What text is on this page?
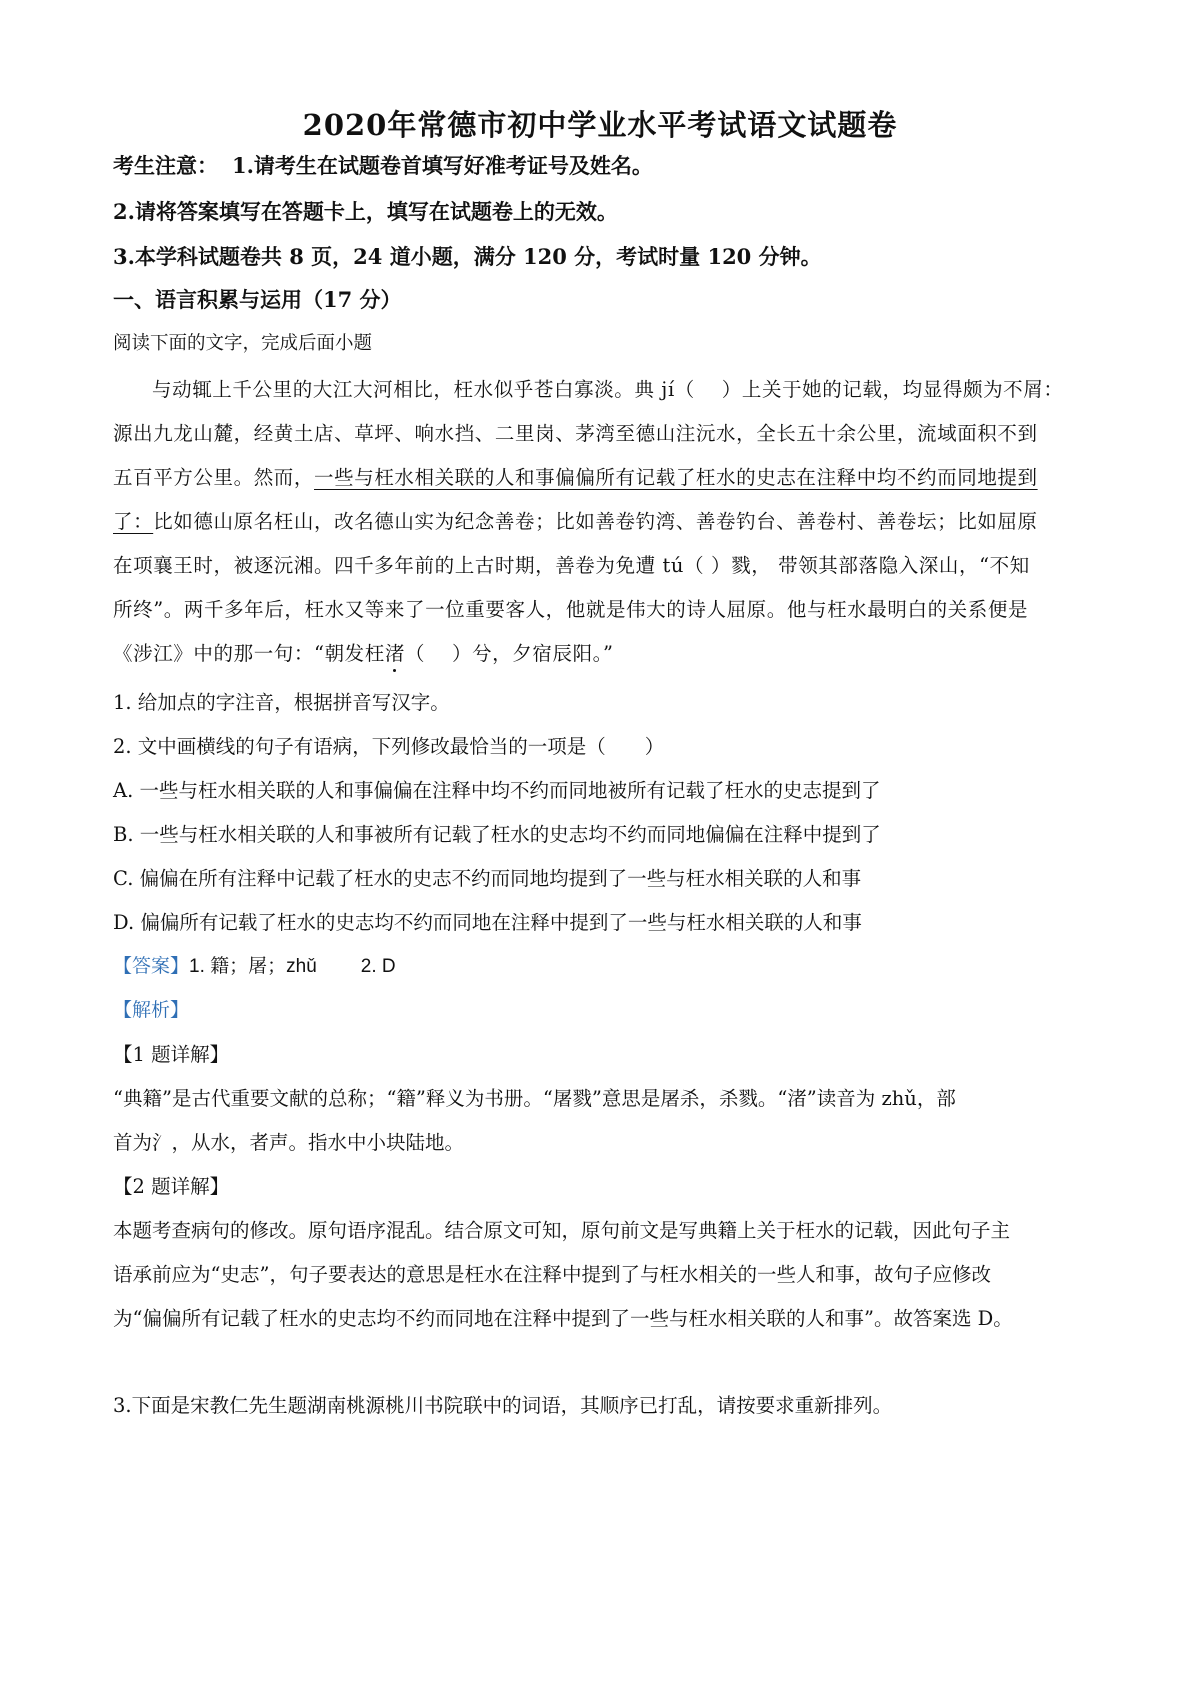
2020年常德市初中学业水平考试语文试题卷
考生注意： 1.请考生在试题卷首填写好准考证号及姓名。
2.请将答案填写在答题卡上，填写在试题卷上的无效。
3.本学科试题卷共 8 页，24 道小题，满分 120 分，考试时量 120 分钟。
一、语言积累与运用（17 分）
阅读下面的文字，完成后面小题
与动辄上千公里的大江大河相比，枉水似乎苍白寡淡。典 jí（　 ）上关于她的记载，均显得颇为不屑：
源出九龙山麓，经黄土店、草坪、响水挡、二里岗、茅湾至德山注沅水，全长五十余公里，流域面积不到
五百平方公里。然而，一些与枉水相关联的人和事偏偏所有记载了枉水的史志在注释中均不约而同地提到
了：比如德山原名枉山，改名德山实为纪念善卷；比如善卷钓湾、善卷钓台、善卷村、善卷坛；比如屈原
在项襄王时，被逐沅湘。四千多年前的上古时期，善卷为免遭 tú（ ）戮， 带领其部落隐入深山，“不知
所终”。两千多年后，枉水又等来了一位重要客人，他就是伟大的诗人屈原。他与枉水最明白的关系便是
《涉江》中的那一句：“朝发枉渚（　 ）兮，夕宿辰阳。”
1. 给加点的字注音，根据拼音写汉字。
2. 文中画横线的句子有语病，下列修改最恰当的一项是（　　）
A. 一些与枉水相关联的人和事偏偏在注释中均不约而同地被所有记载了枉水的史志提到了
B. 一些与枉水相关联的人和事被所有记载了枉水的史志均不约而同地偏偏在注释中提到了
C. 偏偏在所有注释中记载了枉水的史志不约而同地均提到了一些与枉水相关联的人和事
D. 偏偏所有记载了枉水的史志均不约而同地在注释中提到了一些与枉水相关联的人和事
【答案】1. 籍；屠；zhǔ 2. D
【解析】
【1 题详解】
“典籍”是古代重要文献的总称；“籍”释义为书册。“屠戮”意思是屠杀，杀戮。“渚”读音为 zhǔ，部
首为氵，从水，者声。指水中小块陆地。
【2 题详解】
本题考查病句的修改。原句语序混乱。结合原文可知，原句前文是写典籍上关于枉水的记载，因此句子主
语承前应为“史志”，句子要表达的意思是枉水在注释中提到了与枉水相关的一些人和事，故句子应修改
为“偏偏所有记载了枉水的史志均不约而同地在注释中提到了一些与枉水相关联的人和事”。故答案选 D。
3.下面是宋教仁先生题湖南桃源桃川书院联中的词语，其顺序已打乱，请按要求重新排列。
